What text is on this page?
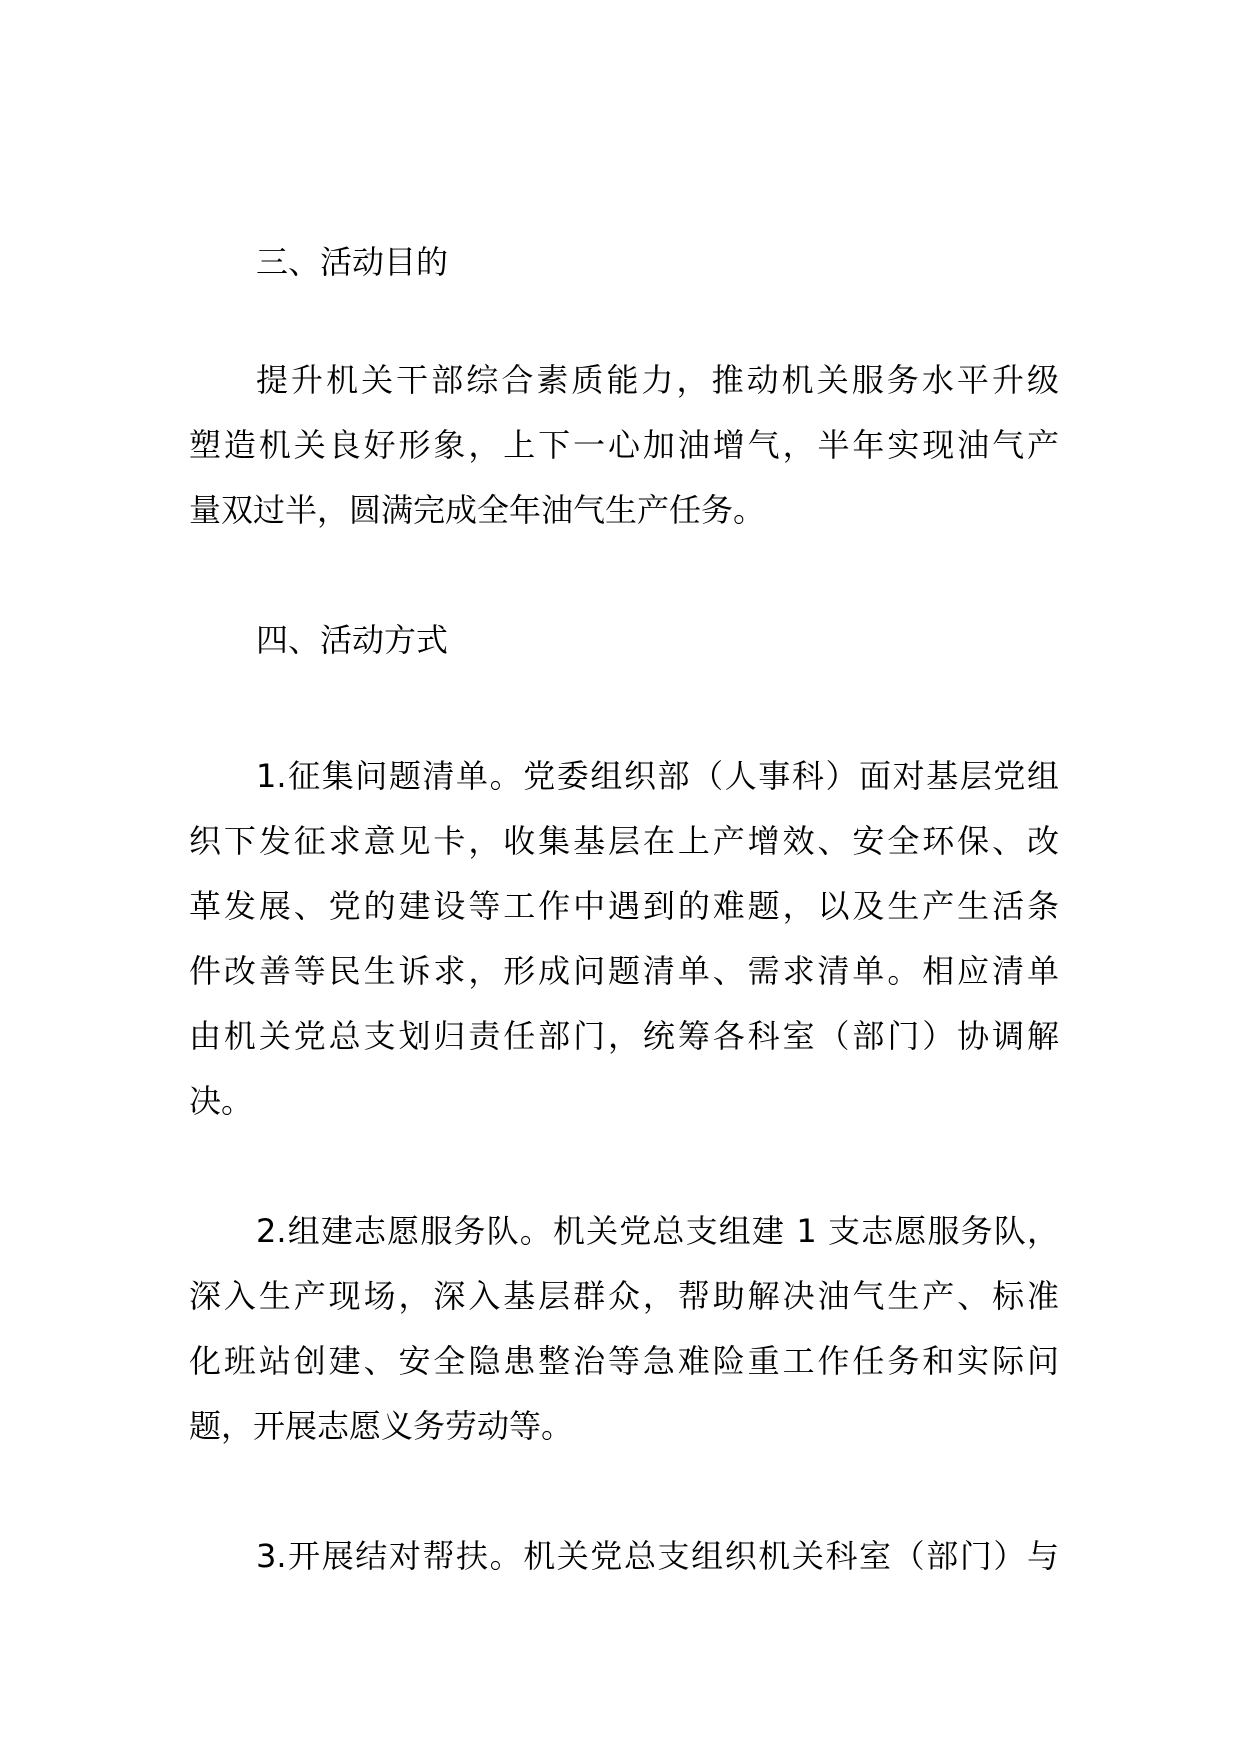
三、活动目的
提升机关干部综合素质能力，推动机关服务水平升级
塑造机关良好形象，上下一心加油增气，半年实现油气产
量双过半，圆满完成全年油气生产任务。
四、活动方式
1.征集问题清单。党委组织部（人事科）面对基层党组
织下发征求意见卡，收集基层在上产增效、安全环保、改
革发展、党的建设等工作中遇到的难题，以及生产生活条
件改善等民生诉求，形成问题清单、需求清单。相应清单
由机关党总支划归责任部门，统筹各科室（部门）协调解
决。
2.组建志愿服务队。机关党总支组建 1 支志愿服务队，
深入生产现场，深入基层群众，帮助解决油气生产、标准
化班站创建、安全隐患整治等急难险重工作任务和实际问
题，开展志愿义务劳动等。
3.开展结对帮扶。机关党总支组织机关科室（部门）与
